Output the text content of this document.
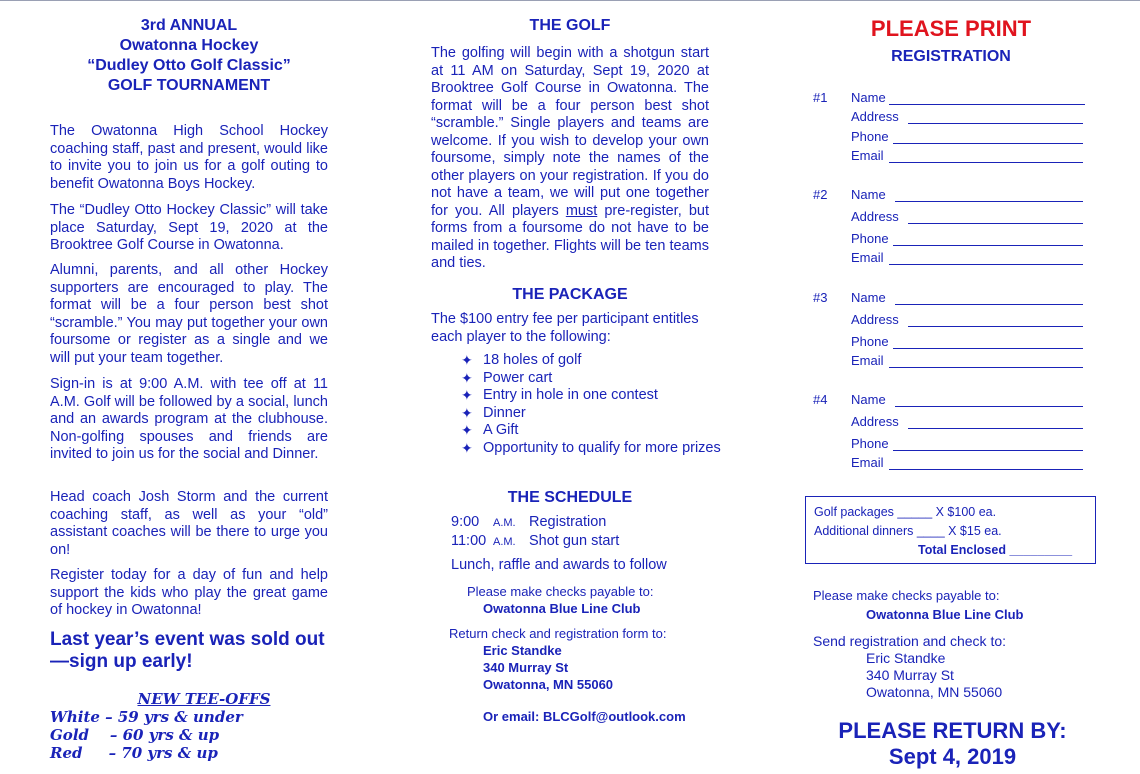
3rd ANNUAL
Owatonna Hockey
“Dudley Otto Golf Classic”
GOLF TOURNAMENT

The Owatonna High School Hockey coaching staff, past and present, would like to invite you to join us for a golf outing to benefit Owatonna Boys Hockey.

The “Dudley Otto Hockey Classic” will take place Saturday, Sept 19, 2020 at the Brooktree Golf Course in Owatonna.

Alumni, parents, and all other Hockey supporters are encouraged to play. The format will be a four person best shot “scramble.” You may put together your own foursome or register as a single and we will put your team together.

Sign-in is at 9:00 A.M. with tee off at 11 A.M. Golf will be followed by a social, lunch and an awards program at the clubhouse. Non-golfing spouses and friends are invited to join us for the social and Dinner.

Head coach Josh Storm and the current coaching staff, as well as your “old” assistant coaches will be there to urge you on!

Register today for a day of fun and help support the kids who play the great game of hockey in Owatonna!

Last year’s event was sold out
—sign up early!
NEW TEE-OFFS
White – 59 yrs & under
Gold    – 60 yrs & up
Red     – 70 yrs & up
THE GOLF

The golfing will begin with a shotgun start at 11 AM on Saturday, Sept 19, 2020 at Brooktree Golf Course in Owatonna. The format will be a four person best shot “scramble.” Single players and teams are welcome. If you wish to develop your own foursome, simply note the names of the other players on your registration. If you do not have a team, we will put one together for you. All players must pre-register, but forms from a foursome do not have to be mailed in together. Flights will be ten teams and ties.

THE PACKAGE

The $100 entry fee per participant entitles each player to the following:

✦ 18 holes of golf
✦ Power cart
✦ Entry in hole in one contest
✦ Dinner
✦ A Gift
✦ Opportunity to qualify for more prizes
THE SCHEDULE
9:00 A.M. Registration
11:00 A.M. Shot gun start
Lunch, raffle and awards to follow
Please make checks payable to:
Owatonna Blue Line Club
Return check and registration form to:
Eric Standke
340 Murray St
Owatonna, MN 55060
Or email: BLCGolf@outlook.com
PLEASE PRINT
REGISTRATION
#1 Name
Address
Phone
Email
#2 Name
Address
Phone
Email
#3 Name
Address
Phone
Email
#4 Name
Address
Phone
Email
Golf packages _____ X $100 ea.
Additional dinners ____ X $15 ea.
Total Enclosed _________
Please make checks payable to:
Owatonna Blue Line Club
Send registration and check to:
Eric Standke
340 Murray St
Owatonna, MN 55060
PLEASE RETURN BY:
Sept 4, 2019
